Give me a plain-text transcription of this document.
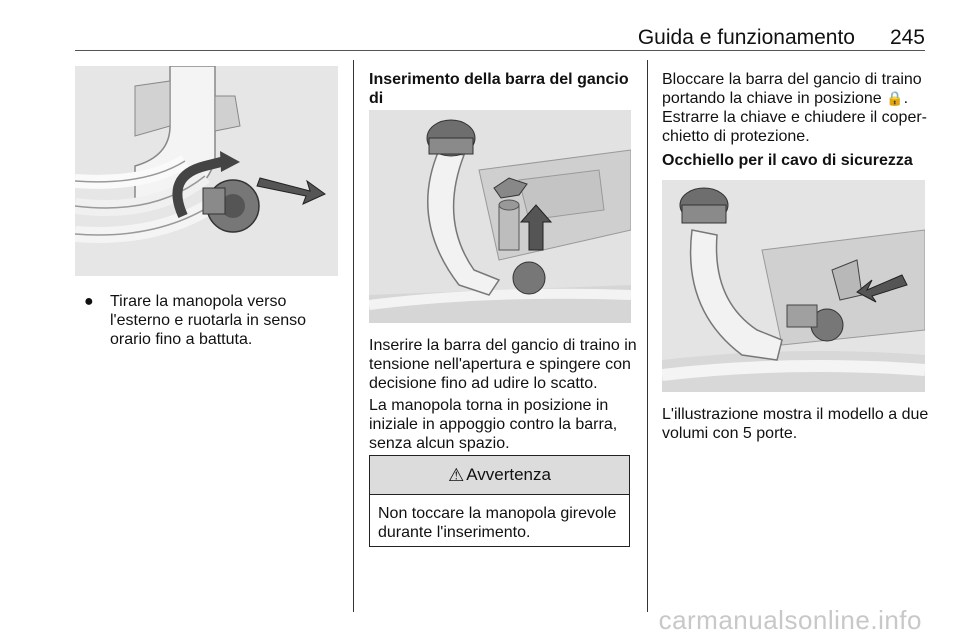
Guida e funzionamento 245
●	Tirare la manopola verso

l'esterno e ruotarla in senso

orario fino a battuta.

Inserimento della barra del gancio di

Inserire la barra del gancio di traino in

tensione nell'apertura e spingere con

decisione fino ad udire lo scatto.

La manopola torna in posizione in

iniziale in appoggio contro la barra,

senza alcun spazio.

⚠ Avvertenza

Non toccare la manopola girevole

durante l'inserimento.

Bloccare la barra del gancio di traino

portando la chiave in posizione 🔒.

Estrarre la chiave e chiudere il coper-

chietto di protezione.

Occhiello per il cavo di sicurezza

L'illustrazione mostra il modello a due

volumi con 5 porte.

carmanualsonline.info
